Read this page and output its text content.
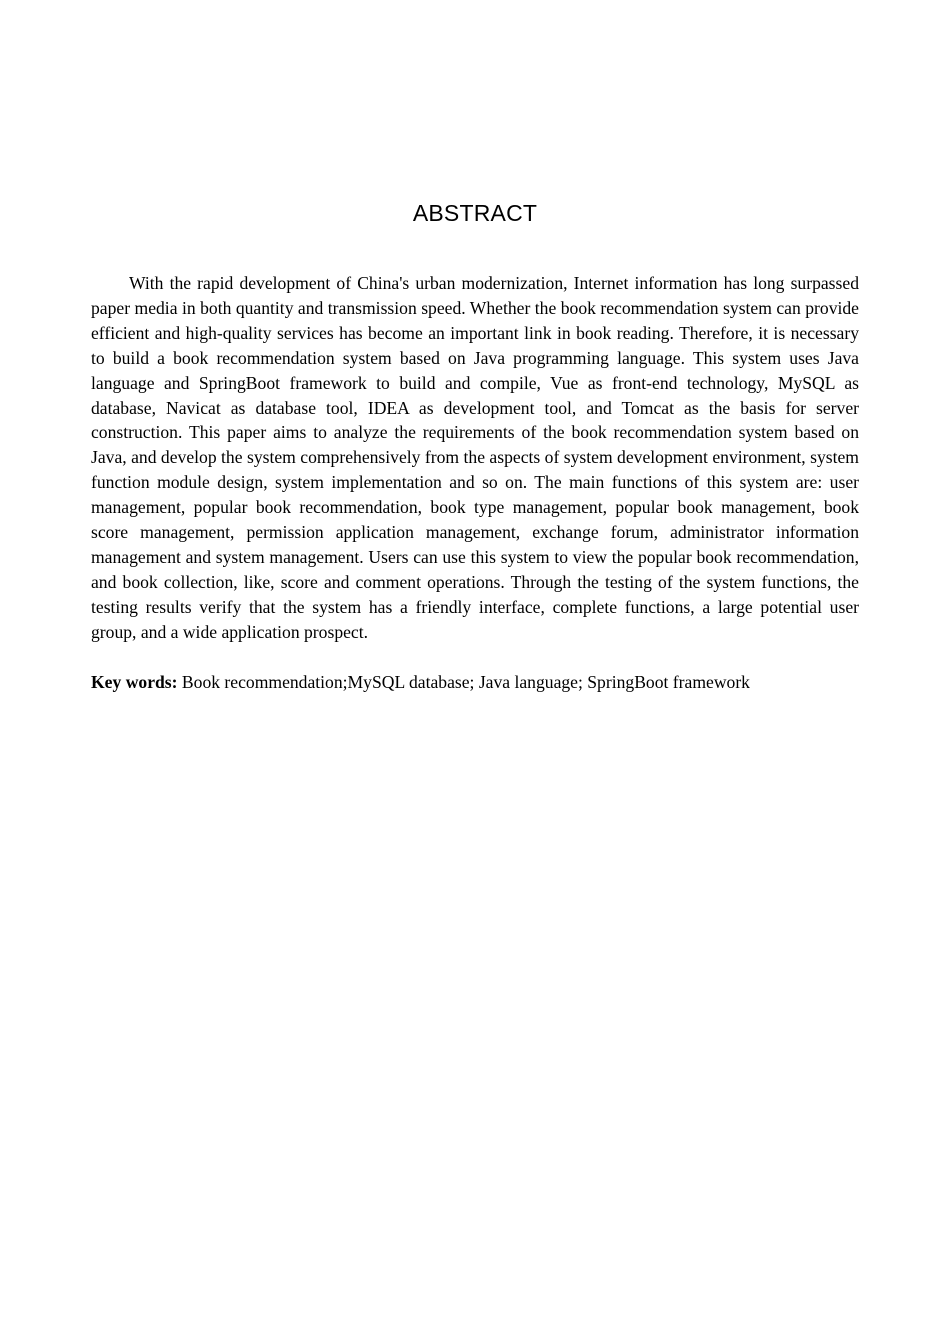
ABSTRACT

With the rapid development of China's urban modernization, Internet information has long surpassed paper media in both quantity and transmission speed. Whether the book recommendation system can provide efficient and high-quality services has become an important link in book reading. Therefore, it is necessary to build a book recommendation system based on Java programming language. This system uses Java language and SpringBoot framework to build and compile, Vue as front-end technology, MySQL as database, Navicat as database tool, IDEA as development tool, and Tomcat as the basis for server construction. This paper aims to analyze the requirements of the book recommendation system based on Java, and develop the system comprehensively from the aspects of system development environment, system function module design, system implementation and so on. The main functions of this system are: user management, popular book recommendation, book type management, popular book management, book score management, permission application management, exchange forum, administrator information management and system management. Users can use this system to view the popular book recommendation, and book collection, like, score and comment operations. Through the testing of the system functions, the testing results verify that the system has a friendly interface, complete functions, a large potential user group, and a wide application prospect.

Key words: Book recommendation;MySQL database; Java language; SpringBoot framework
